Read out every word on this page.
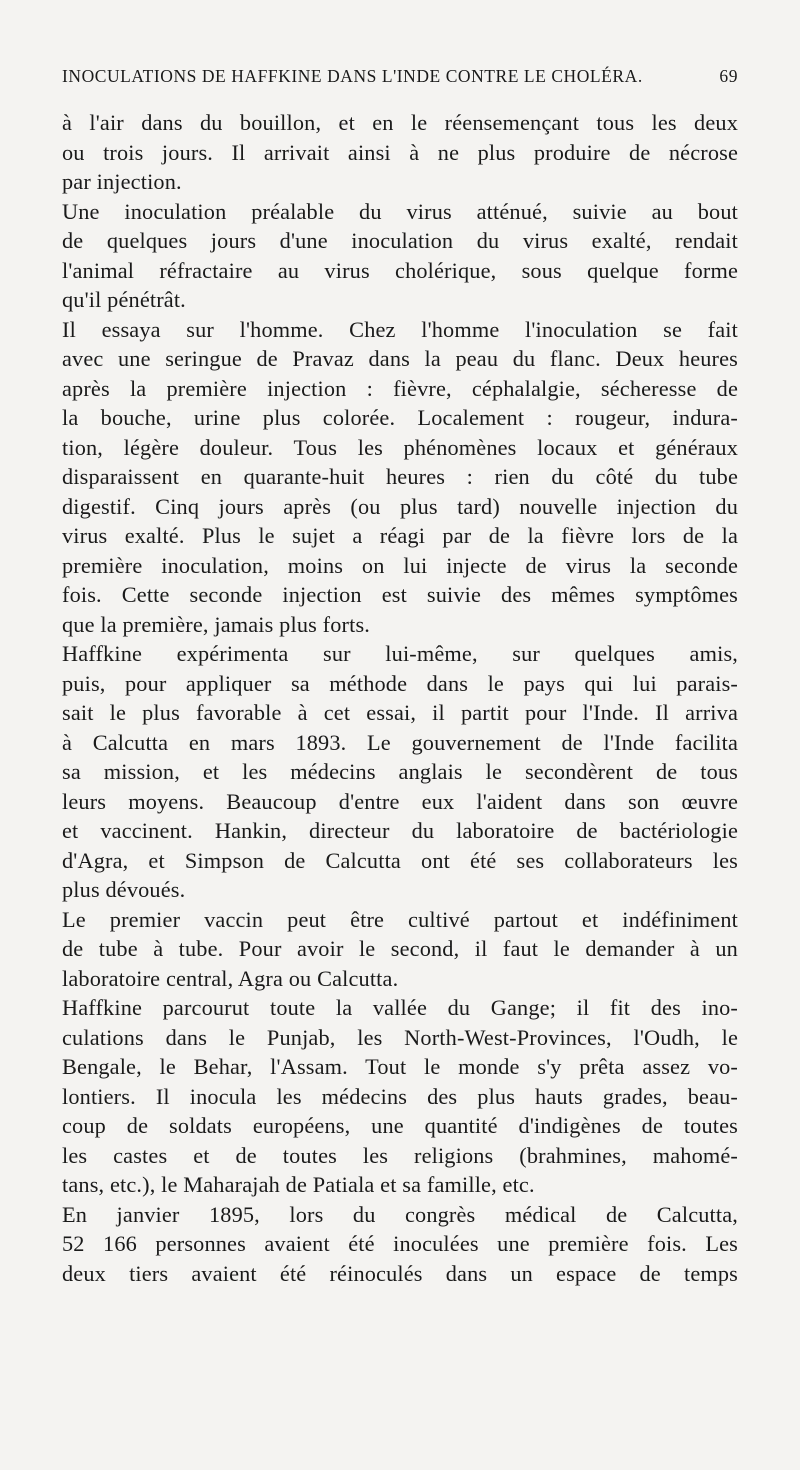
INOCULATIONS DE HAFFKINE DANS L'INDE CONTRE LE CHOLÉRA.	69
à l'air dans du bouillon, et en le réensemençant tous les deux
ou trois jours. Il arrivait ainsi à ne plus produire de nécrose
par injection.
Une inoculation préalable du virus atténué, suivie au bout
de quelques jours d'une inoculation du virus exalté, rendait
l'animal réfractaire au virus cholérique, sous quelque forme
qu'il pénétrât.
Il essaya sur l'homme. Chez l'homme l'inoculation se fait
avec une seringue de Pravaz dans la peau du flanc. Deux heures
après la première injection : fièvre, céphalalgie, sécheresse de
la bouche, urine plus colorée. Localement : rougeur, indura-
tion, légère douleur. Tous les phénomènes locaux et généraux
disparaissent en quarante-huit heures : rien du côté du tube
digestif. Cinq jours après (ou plus tard) nouvelle injection du
virus exalté. Plus le sujet a réagi par de la fièvre lors de la
première inoculation, moins on lui injecte de virus la seconde
fois. Cette seconde injection est suivie des mêmes symptômes
que la première, jamais plus forts.
Haffkine expérimenta sur lui-même, sur quelques amis,
puis, pour appliquer sa méthode dans le pays qui lui parais-
sait le plus favorable à cet essai, il partit pour l'Inde. Il arriva
à Calcutta en mars 1893. Le gouvernement de l'Inde facilita
sa mission, et les médecins anglais le secondèrent de tous
leurs moyens. Beaucoup d'entre eux l'aident dans son œuvre
et vaccinent. Hankin, directeur du laboratoire de bactériologie
d'Agra, et Simpson de Calcutta ont été ses collaborateurs les
plus dévoués.
Le premier vaccin peut être cultivé partout et indéfiniment
de tube à tube. Pour avoir le second, il faut le demander à un
laboratoire central, Agra ou Calcutta.
Haffkine parcourut toute la vallée du Gange; il fit des ino-
culations dans le Punjab, les North-West-Provinces, l'Oudh, le
Bengale, le Behar, l'Assam. Tout le monde s'y prêta assez vo-
lontiers. Il inocula les médecins des plus hauts grades, beau-
coup de soldats européens, une quantité d'indigènes de toutes
les castes et de toutes les religions (brahmines, mahomé-
tans, etc.), le Maharajah de Patiala et sa famille, etc.
En janvier 1895, lors du congrès médical de Calcutta,
52 166 personnes avaient été inoculées une première fois. Les
deux tiers avaient été réinoculés dans un espace de temps
